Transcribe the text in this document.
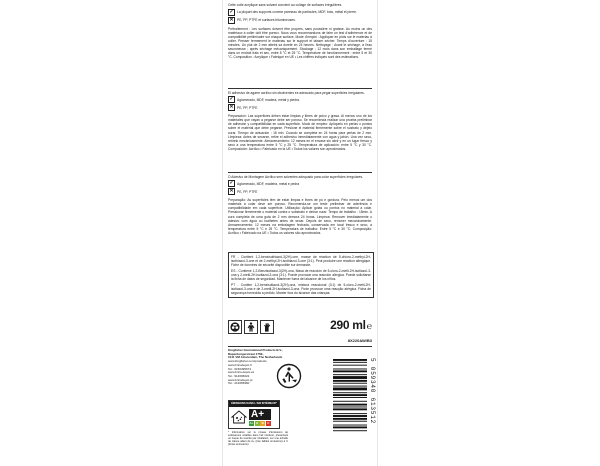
Cette colle acrylique sans solvant convient au collage de surfaces irrégulières.

✓	La plupart des supports comme panneau de particules, MDF, bois, métal et pierre.
✕	PE, PP, PTFE et surfaces bitumineuses.

Prétraitement : Les surfaces doivent être propres, sans poussière ni graisse. Au moins un des matériaux à coller doit être poreux. Nous vous recommandons de faire un test d'adhérence et de compatibilité préliminaire sur chaque surface. Mode d'emploi : Appliquer en plots sur le matériau à coller. Presser fermement le matériau sur le support et laisser sécher. Temps d'ouverture : 15 minutes. Un plot de 2 mm atteint sa dureté en 24 heures. Nettoyage : Avant le séchage, à l'eau savonneuse ; après séchage mécaniquement. Stockage : 12 mois dans son emballage fermé dans un endroit frais et sec, entre 5 °C et 25 °C. Température de fonctionnement : entre 5 et 30 °C. Composition : Acrylique • Fabriqué en UE • Les chiffres indiqués sont des estimations.

El adhesivo de agarre acrílico sin disolventes es adecuado para pegar superficies irregulares.

✓	Aglomerado, MDF, madera, metal y piedra.
✕	PE, PP, PTFE

Preparación: Las superficies deben estar limpias y libres de polvo y grasa. Al menos uno de los materiales que vayan a pegarse debe ser poroso. Se recomienda realizar una prueba preliminar de adhesión y compatibilidad en cada superficie. Modo de empleo: Aplíquelo en perlas o puntos sobre el material que debe pegarse. Presione el material firmemente sobre el sustrato y déjelo curar. Tiempo de actuación : 15 min. Cuando se completa en 24 horas para perlas de 2 mm. Limpieza: Antes de secarse, retire el adhesivo inmediatamente con agua y jabón. Una vez seco, retírelo mecánicamente. Almacenamiento: 12 meses en el envase sin abrir y en un lugar fresco y seco a una temperatura entre 5 °C y 25 °C. Temperatura de aplicación: entre 5 °C y 30 °C. Composición: Acrílico • Fabricado en la UE • Todos los valores son aproximados.

O Adesivo de Montagem Acrílico sem solventes adequado para colar superfícies irregulares.

✓	Aglomerado, MDF, madeira, metal e pedra
✕	PE, PP, PTFE

Preparação: As superfícies têm de estar limpas e livres de pó e gordura. Pelo menos um dos materiais a colar deve ser poroso. Recomenda-se um teste preliminar de aderência e compatibilidade em cada superfície. Utilização: Aplicar gotas ou pontos no material a colar. Pressionar firmemente o material contra o substrato e deixar curar. Tempo de trabalho : 15min. A cura completa de uma gota de 2 mm demora 24 horas. Limpeza: Remover imediatamente o adesivo com água ou toalhetes antes de secar. Depois de seco, remover mecanicamente. Armazenamento: 12 meses na embalagem fechada, conservada em local fresco e seco, a temperatura entre 5 °C e 25 °C. Temperatura de trabalho: Entre 5 °C e 30 °C. Composição: Acrílico • Fabricado na UE • Todos os valores são aproximados.

FR - Contient 1,2-benzisothiazol-3(2H)-one, masse de réaction de 5-chloro-2-methyl-2H-isothiazol-3-one et de 2-méthyl-2H-isothiazol-3-one (3:1). Peut produire une réaction allergique. Fiche de données de sécurité disponible sur demande.

ES - Contiene 1,2-Benzisotiazol-3(2H)-ona, Masa de reacción de 5-cloro-2-metil-2H-isotiazol-3-ona y 2-metil-2H-isotiazol-3-ona (3:1). Puede provocar una reacción alérgica. Puede solicitarse la ficha de datos de seguridad. Mantener fuera del alcance de los niños.

PT - Contém 1,2-benzisotiazol-3(2H)-ona, mistura reaccional (3:1) de 5-cloro-2-metil-2H-isotiazol-3-ona e de 2-metil-2H-isotiazol-3-ona. Pode provocar uma reacção alérgica. Ficha de segurança fornecida a pedido. Manter fora do alcance das crianças.

290 ml ℮
8X220AW/B3
Kingfisher International Products B.V.,
Rapenburgerstraat 175E,
1011 VM Amsterdam, The Netherlands
www.kingfisher.com/products
www.bricodepot.fr
Tel.: 0156495674
www.brico-depot.es
Tel.: 914606622
www.bricodepot.pt
Tel.: 213665960
ÉMISSIONS DANS L'AIR INTÉRIEUR*
A+
A+ A	B	C

* Information sur le niveau d'émissions de substances volatiles dans l'air intérieur, présentant un risque de toxicité par inhalation, sur une échelle de classe allant de A+ (très faibles émissions) à C (fortes émissions).

5 059340 613512
